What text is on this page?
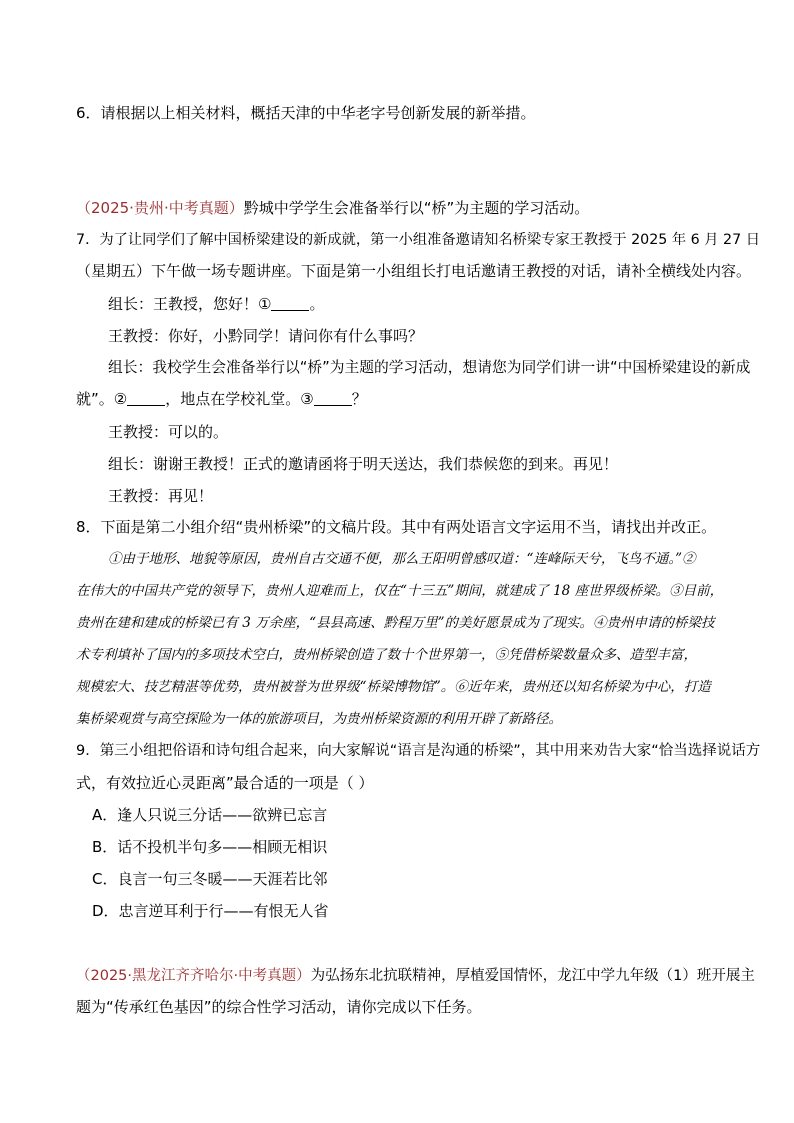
6．请根据以上相关材料，概括天津的中华老字号创新发展的新举措。
（2025·贵州·中考真题）黔城中学学生会准备举行以“桥”为主题的学习活动。
7．为了让同学们了解中国桥梁建设的新成就，第一小组准备邀请知名桥梁专家王教授于 2025 年 6 月 27 日
（星期五）下午做一场专题讲座。下面是第一小组组长打电话邀请王教授的对话，请补全横线处内容。
组长：王教授，您好！①	。
王教授：你好，小黔同学！请问你有什么事吗？
组长：我校学生会准备举行以“桥”为主题的学习活动，想请您为同学们讲一讲“中国桥梁建设的新成
就”。②	，地点在学校礼堂。③	？
王教授：可以的。
组长：谢谢王教授！正式的邀请函将于明天送达，我们恭候您的到来。再见！
王教授：再见！
8．下面是第二小组介绍“贵州桥梁”的文稿片段。其中有两处语言文字运用不当，请找出并改正。
①由于地形、地貌等原因，贵州自古交通不便，那么王阳明曾感叹道：“连峰际天兮，飞鸟不通。”②
在伟大的中国共产党的领导下，贵州人迎难而上，仅在“十三五”期间，就建成了 18 座世界级桥梁。③目前，
贵州在建和建成的桥梁已有 3 万余座，“县县高速、黔程万里”的美好愿景成为了现实。④贵州申请的桥梁技
术专利填补了国内的多项技术空白，贵州桥梁创造了数十个世界第一，⑤凭借桥梁数量众多、造型丰富，
规模宏大、技艺精湛等优势，贵州被誉为世界级“桥梁博物馆”。⑥近年来，贵州还以知名桥梁为中心，打造
集桥梁观赏与高空探险为一体的旅游项目，为贵州桥梁资源的利用开辟了新路径。
9．第三小组把俗语和诗句组合起来，向大家解说“语言是沟通的桥梁”，其中用来劝告大家“恰当选择说话方
式，有效拉近心灵距离”最合适的一项是（ ）
A．逢人只说三分话——欲辨已忘言
B．话不投机半句多——相顾无相识
C．良言一句三冬暖——天涯若比邻
D．忠言逆耳利于行——有恨无人省
（2025·黑龙江齐齐哈尔·中考真题）为弘扬东北抗联精神，厚植爱国情怀，龙江中学九年级（1）班开展主
题为“传承红色基因”的综合性学习活动，请你完成以下任务。
